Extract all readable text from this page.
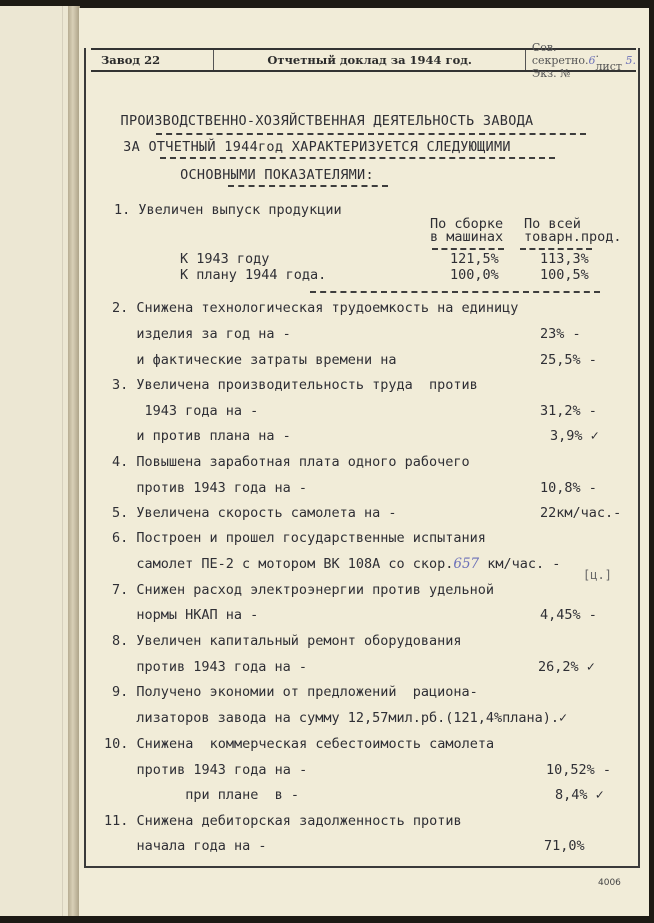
Завод 22	Отчетный доклад за 1944 год.
Сов. секретно. Экз. №
6 . лист
5.
ПРОИЗВОДСТВЕННО-ХОЗЯЙСТВЕННАЯ ДЕЯТЕЛЬНОСТЬ ЗАВОДА
ЗА ОТЧЕТНЫЙ 1944год ХАРАКТЕРИЗУЕТСЯ СЛЕДУЮЩИМИ
ОСНОВНЫМИ ПОКАЗАТЕЛЯМИ:
1. Увеличен выпуск продукции
По сборке
в машинах
По всей
товарн.прод.
К 1943 году	121,5%	113,3%
К плану 1944 года.	100,0%	100,5%
2. Снижена технологическая трудоемкость на единицу
изделия за год на -	23% -
и фактические затраты времени на	25,5% -
3. Увеличена производительность труда  против
1943 года на -	31,2% -
и против плана на -	3,9% ✓
4. Повышена заработная плата одного рабочего
против 1943 года на -	10,8% -
5. Увеличена скорость самолета на -	22км/час.-
6. Построен и прошел государственные испытания
самолет ПЕ-2 с мотором ВК 108А со скор.657 км/час. -
[ц.]
7. Снижен расход электроэнергии против удельной
нормы НКАП на -	4,45% -
8. Увеличен капитальный ремонт оборудования
против 1943 года на -	26,2% ✓
9. Получено экономии от предложений  рациона-
лизаторов завода на сумму 12,57мил.рб.(121,4%плана).✓
10. Снижена  коммерческая себестоимость самолета
против 1943 года на -	10,52% -
при плане  в -	8,4% ✓
11. Снижена дебиторская задолженность против
начала года на -	71,0%
4006
